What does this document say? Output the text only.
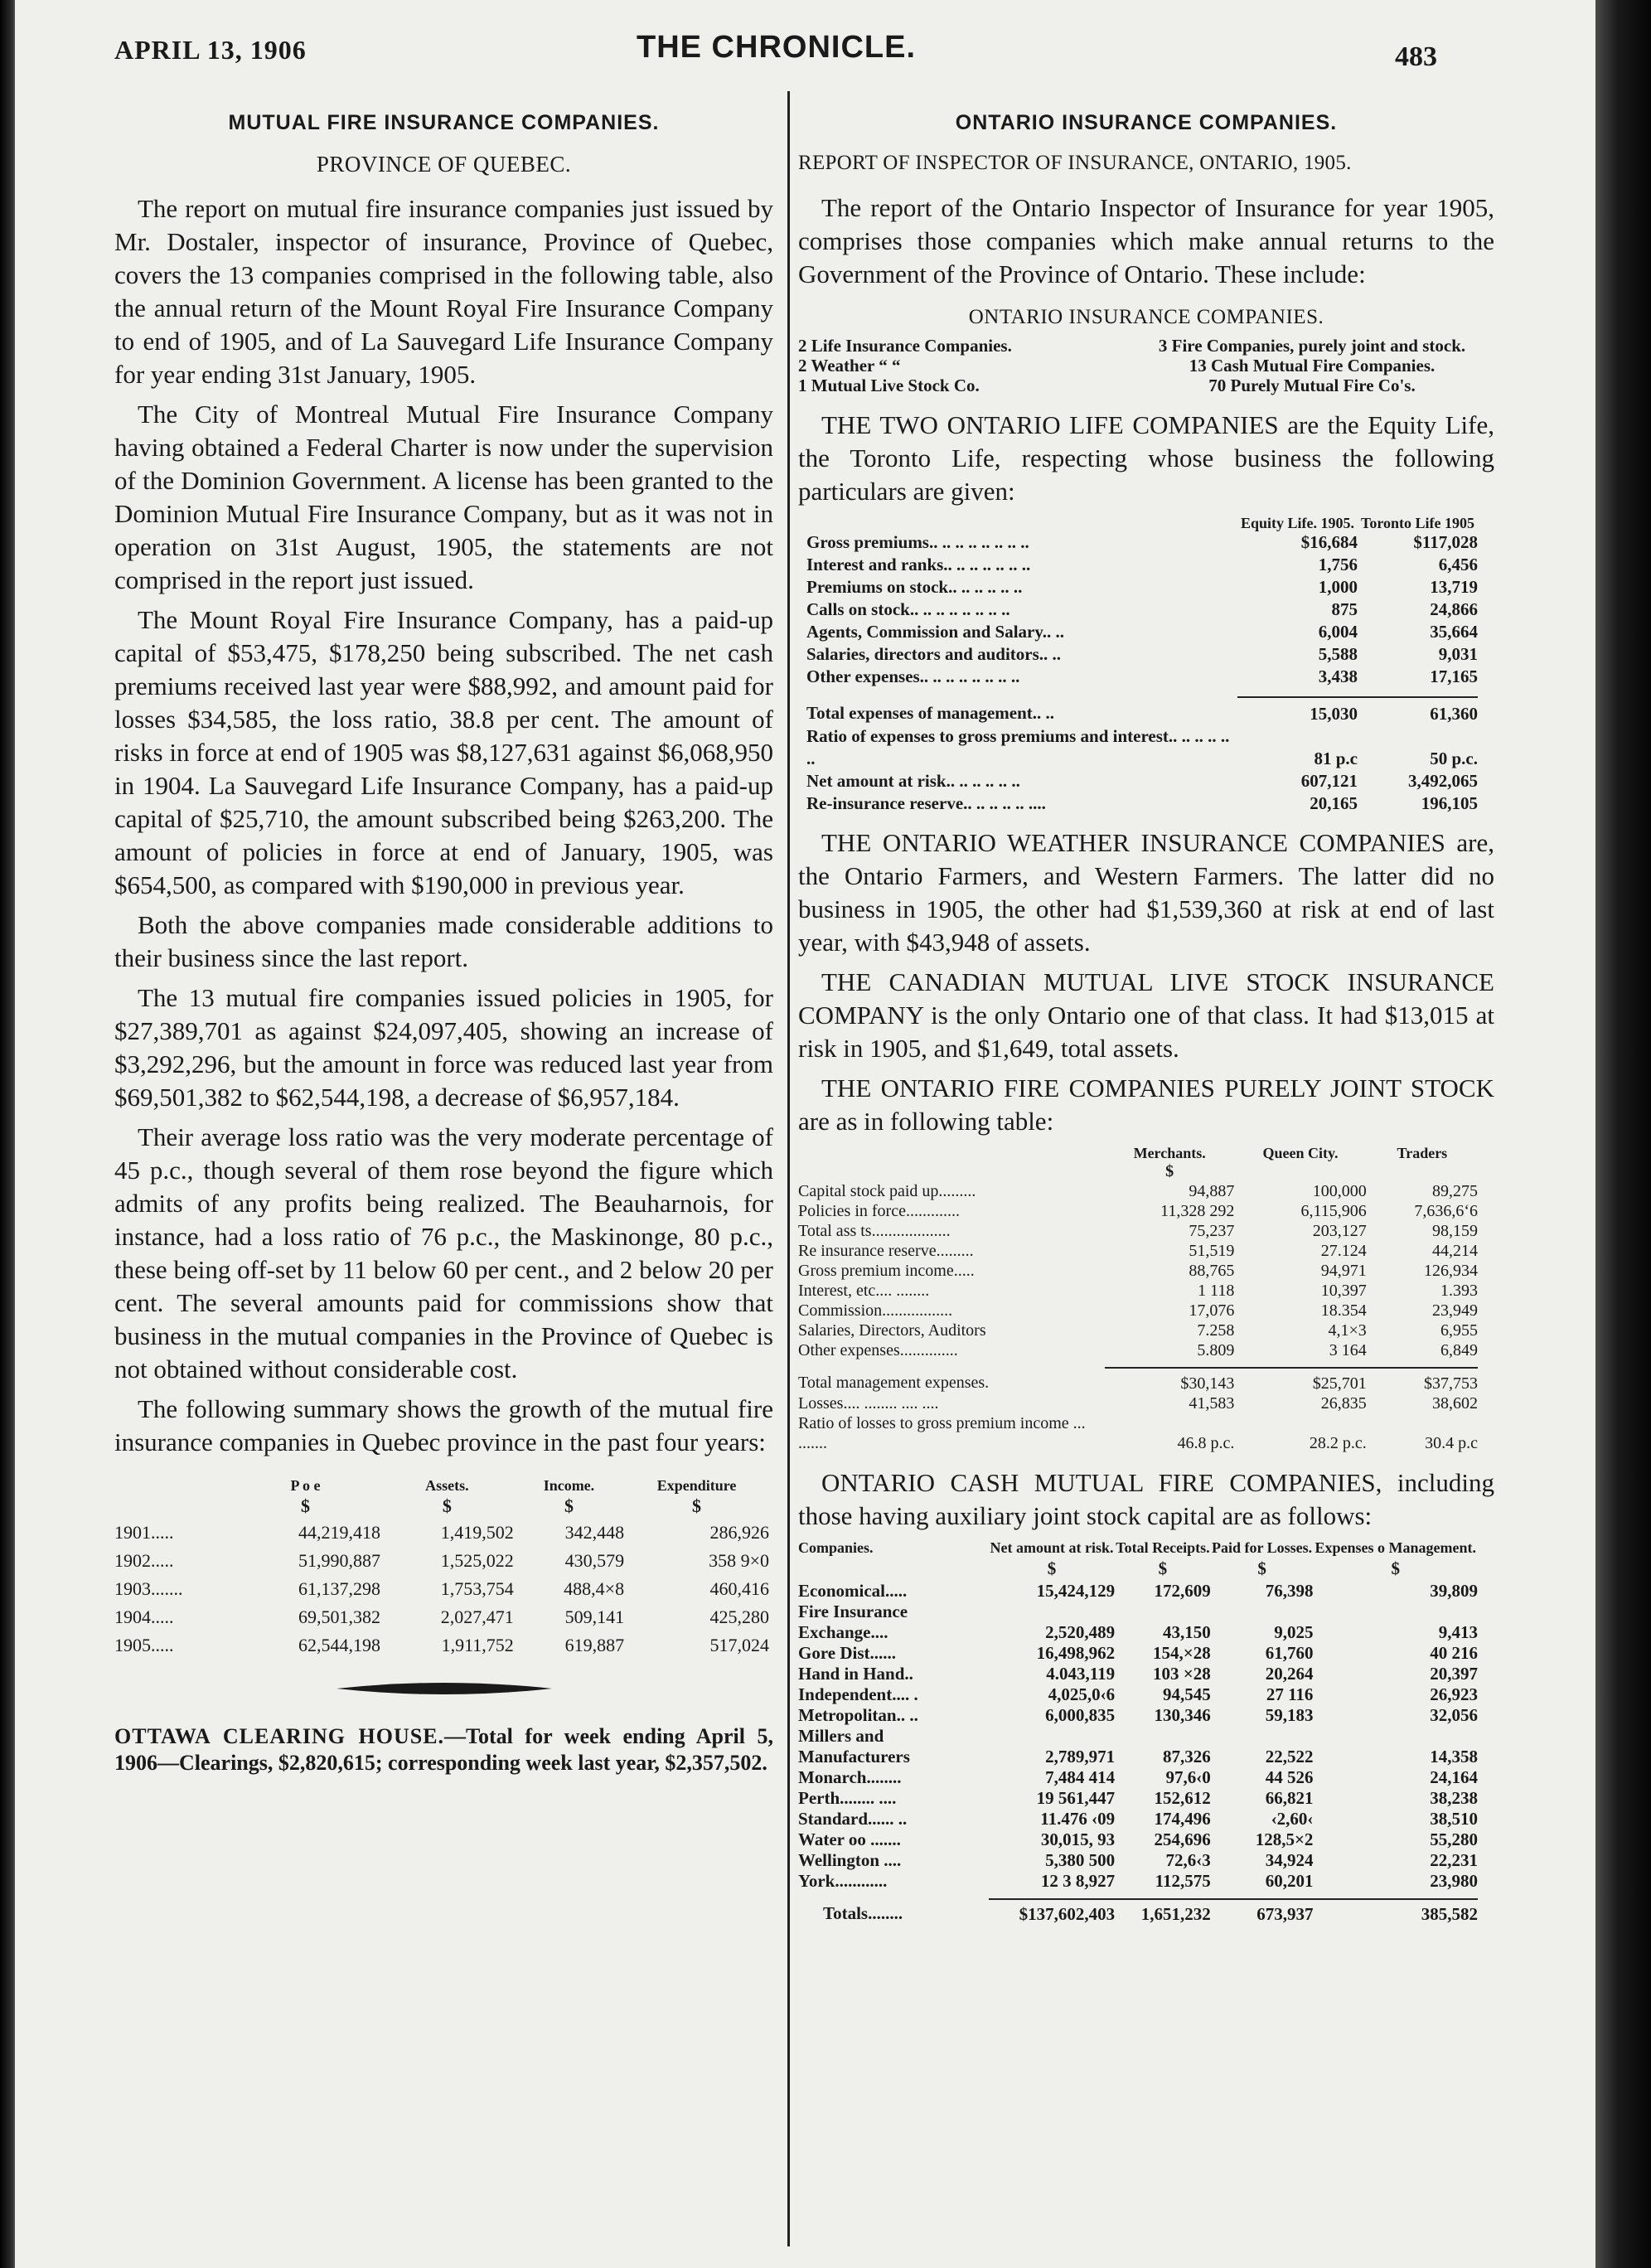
APRIL 13, 1906	THE CHRONICLE.	483
MUTUAL FIRE INSURANCE COMPANIES.
PROVINCE OF QUEBEC.

The report on mutual fire insurance companies just issued by Mr. Dostaler, inspector of insurance, Province of Quebec, covers the 13 companies comprised in the following table, also the annual return of the Mount Royal Fire Insurance Company to end of 1905, and of La Sauvegard Life Insurance Company for year ending 31st January, 1905.

The City of Montreal Mutual Fire Insurance Company having obtained a Federal Charter is now under the supervision of the Dominion Government. A license has been granted to the Dominion Mutual Fire Insurance Company, but as it was not in operation on 31st August, 1905, the statements are not comprised in the report just issued.

The Mount Royal Fire Insurance Company, has a paid-up capital of $53,475, $178,250 being subscribed. The net cash premiums received last year were $88,992, and amount paid for losses $34,585, the loss ratio, 38.8 per cent. The amount of risks in force at end of 1905 was $8,127,631 against $6,068,950 in 1904. La Sauvegard Life Insurance Company, has a paid-up capital of $25,710, the amount subscribed being $263,200. The amount of policies in force at end of January, 1905, was $654,500, as compared with $190,000 in previous year.

Both the above companies made considerable additions to their business since the last report.

The 13 mutual fire companies issued policies in 1905, for $27,389,701 as against $24,097,405, showing an increase of $3,292,296, but the amount in force was reduced last year from $69,501,382 to $62,544,198, a decrease of $6,957,184.

Their average loss ratio was the very moderate percentage of 45 p.c., though several of them rose beyond the figure which admits of any profits being realized. The Beauharnois, for instance, had a loss ratio of 76 p.c., the Maskinonge, 80 p.c., these being off-set by 11 below 60 per cent., and 2 below 20 per cent. The several amounts paid for commissions show that business in the mutual companies in the Province of Quebec is not obtained without considerable cost.

The following summary shows the growth of the mutual fire insurance companies in Quebec province in the past four years:

	P o e	Assets.	Income.	Expenditure
	$	$	$	$
1901.....	44,219,418	1,419,502	342,448	286,926
1902.....	51,990,887	1,525,022	430,579	358 9×0
1903.......	61,137,298	1,753,754	488,4×8	460,416
1904.....	69,501,382	2,027,471	509,141	425,280
1905.....	62,544,198	1,911,752	619,887	517,024
OTTAWA CLEARING HOUSE.—Total for week ending April 5, 1906—Clearings, $2,820,615; corresponding week last year, $2,357,502.
ONTARIO INSURANCE COMPANIES.
REPORT OF INSPECTOR OF INSURANCE, ONTARIO, 1905.

The report of the Ontario Inspector of Insurance for year 1905, comprises those companies which make annual returns to the Government of the Province of Ontario. These include:

ONTARIO INSURANCE COMPANIES.
2 Life Insurance Companies.	3 Fire Companies, purely joint and stock.
2 Weather “ “	13 Cash Mutual Fire Companies.
1 Mutual Live Stock Co.	70 Purely Mutual Fire Co's.

THE TWO ONTARIO LIFE COMPANIES are the Equity Life, the Toronto Life, respecting whose business the following particulars are given:

	Equity Life. 1905.	Toronto Life 1905
Gross premiums.. .. .. .. .. .. .. ..	$16,684	$117,028
Interest and ranks.. .. .. .. .. .. ..	1,756	6,456
Premiums on stock.. .. .. .. .. ..	1,000	13,719
Calls on stock.. .. .. .. .. .. .. ..	875	24,866
Agents, Commission and Salary.. ..	6,004	35,664
Salaries, directors and auditors.. ..	5,588	9,031
Other expenses.. .. .. .. .. .. .. ..	3,438	17,165

Total expenses of management.. ..	15,030	61,360
Ratio of expenses to gross premiums and interest.. .. .. .. .. ..	81 p.c	50 p.c.
Net amount at risk.. .. .. .. .. ..	607,121	3,492,065
Re-insurance reserve.. .. .. .. .. ....	20,165	196,105

THE ONTARIO WEATHER INSURANCE COMPANIES are, the Ontario Farmers, and Western Farmers. The latter did no business in 1905, the other had $1,539,360 at risk at end of last year, with $43,948 of assets.

THE CANADIAN MUTUAL LIVE STOCK INSURANCE COMPANY is the only Ontario one of that class. It had $13,015 at risk in 1905, and $1,649, total assets.

THE ONTARIO FIRE COMPANIES PURELY JOINT STOCK are as in following table:

	Merchants.	Queen City.	Traders
	$		
Capital stock paid up.........	94,887	100,000	89,275
Policies in force.............	11,328 292	6,115,906	7,636,6‘6
Total ass ts...................	75,237	203,127	98,159
Re insurance reserve.........	51,519	27.124	44,214
Gross premium income.....	88,765	94,971	126,934
Interest, etc.... ........	1 118	10,397	1.393
Commission.................	17,076	18.354	23,949
Salaries, Directors, Auditors	7.258	4,1×3	6,955
Other expenses..............	5.809	3 164	6,849

Total management expenses.	$30,143	$25,701	$37,753
Losses.... ........ .... ....	41,583	26,835	38,602
Ratio of losses to gross premium income ... .......	46.8 p.c.	28.2 p.c.	30.4 p.c

ONTARIO CASH MUTUAL FIRE COMPANIES, including those having auxiliary joint stock capital are as follows:

Companies.	Net amount at risk.	Total Receipts.	Paid for Losses.	Expenses o Management.
	$	$	$	$
Economical.....	15,424,129	172,609	76,398	39,809
Fire Insurance				
Exchange....	2,520,489	43,150	9,025	9,413
Gore Dist......	16,498,962	154,×28	61,760	40 216
Hand in Hand..	4.043,119	103 ×28	20,264	20,397
Independent.... .	4,025,0‹6	94,545	27 116	26,923
Metropolitan.. ..	6,000,835	130,346	59,183	32,056
Millers and				
Manufacturers	2,789,971	87,326	22,522	14,358
Monarch........	7,484 414	97,6‹0	44 526	24,164
Perth........ ....	19 561,447	152,612	66,821	38,238
Standard...... ..	11.476 ‹09	174,496	‹2,60‹	38,510
Water oo .......	30,015, 93	254,696	128,5×2	55,280
Wellington ....	5,380 500	72,6‹3	34,924	22,231
York............	12 3 8,927	112,575	60,201	23,980

Totals........	$137,602,403	1,651,232	673,937	385,582
